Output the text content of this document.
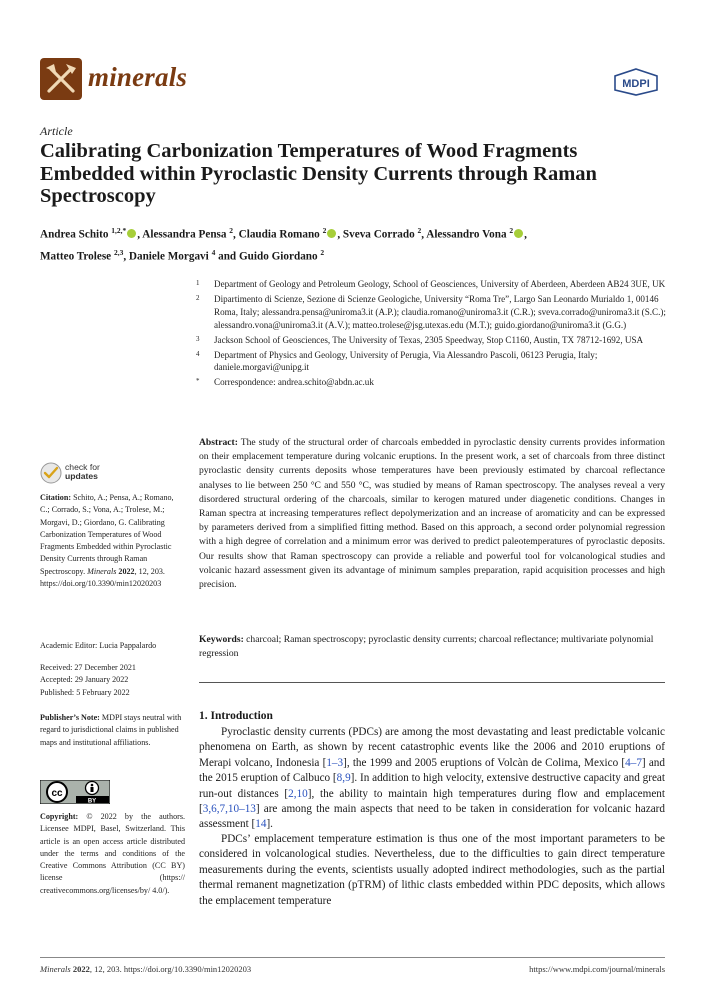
minerals	MDPI
Article
Calibrating Carbonization Temperatures of Wood Fragments Embedded within Pyroclastic Density Currents through Raman Spectroscopy
Andrea Schito $^{1,2,*}$ , Alessandra Pensa $^2$, Claudia Romano $^2$ , Sveva Corrado $^2$, Alessandro Vona $^2$ ,
Matteo Trolese $^{2,3}$, Daniele Morgavi $^4$ and Guido Giordano $^2$
1 Department of Geology and Petroleum Geology, School of Geosciences, University of Aberdeen, Aberdeen AB24 3UE, UK
2 Dipartimento di Scienze, Sezione di Scienze Geologiche, University “Roma Tre”, Largo San Leonardo Murialdo 1, 00146 Roma, Italy; alessandra.pensa@uniroma3.it (A.P.); claudia.romano@uniroma3.it (C.R.); sveva.corrado@uniroma3.it (S.C.); alessandro.vona@uniroma3.it (A.V.); matteo.trolese@jsg.utexas.edu (M.T.); guido.giordano@uniroma3.it (G.G.)
3 Jackson School of Geosciences, The University of Texas, 2305 Speedway, Stop C1160, Austin, TX 78712-1692, USA
4 Department of Physics and Geology, University of Perugia, Via Alessandro Pascoli, 06123 Perugia, Italy; daniele.morgavi@unipg.it
* Correspondence: andrea.schito@abdn.ac.uk
Abstract: The study of the structural order of charcoals embedded in pyroclastic density currents provides information on their emplacement temperature during volcanic eruptions. In the present work, a set of charcoals from three distinct pyroclastic density currents deposits whose temperatures have been previously estimated by charcoal reflectance analyses to lie between 250 °C and 550 °C, was studied by means of Raman spectroscopy. The analyses reveal a very disordered structural ordering of the charcoals, similar to kerogen matured under diagenetic conditions. Changes in Raman spectra at increasing temperatures reflect depolymerization and an increase of aromaticity and can be expressed by parameters derived from a simplified fitting method. Based on this approach, a second order polynomial regression with a high degree of correlation and a minimum error was derived to predict paleotemperatures of pyroclastic deposits. Our results show that Raman spectroscopy can provide a reliable and powerful tool for volcanological studies and volcanic hazard assessment given its advantage of minimum samples preparation, rapid acquisition processes and high precision.
Keywords: charcoal; Raman spectroscopy; pyroclastic density currents; charcoal reflectance; multivariate polynomial regression
check for
updates
Citation: Schito, A.; Pensa, A.; Romano, C.; Corrado, S.; Vona, A.; Trolese, M.; Morgavi, D.; Giordano, G. Calibrating Carbonization Temperatures of Wood Fragments Embedded within Pyroclastic Density Currents through Raman Spectroscopy. Minerals 2022, 12, 203. https://doi.org/10.3390/min12020203
Academic Editor: Lucia Pappalardo
Received: 27 December 2021
Accepted: 29 January 2022
Published: 5 February 2022
Publisher’s Note: MDPI stays neutral with regard to jurisdictional claims in published maps and institutional affiliations.
cc
BY
Copyright: © 2022 by the authors. Licensee MDPI, Basel, Switzerland. This article is an open access article distributed under the terms and conditions of the Creative Commons Attribution (CC BY) license (https:// creativecommons.org/licenses/by/ 4.0/).
1. Introduction
Pyroclastic density currents (PDCs) are among the most devastating and least predictable volcanic phenomena on Earth, as shown by recent catastrophic events like the 2006 and 2010 eruptions of Merapi volcano, Indonesia [1–3], the 1999 and 2005 eruptions of Volcàn de Colima, Mexico [4–7] and the 2015 eruption of Calbuco [8,9]. In addition to high velocity, extensive destructive capacity and great run-out distances [2,10], the ability to maintain high temperatures during flow and emplacement [3,6,7,10–13] are among the main aspects that need to be taken in consideration for volcanic hazard assessment [14].
PDCs’ emplacement temperature estimation is thus one of the most important parameters to be considered in volcanological studies. Nevertheless, due to the difficulties to gain direct temperature measurements during the events, scientists usually adopted indirect methodologies, such as the partial thermal remanent magnetization (pTRM) of lithic clasts embedded within PDC deposits, which allows the emplacement temperature
Minerals 2022, 12, 203. https://doi.org/10.3390/min12020203	https://www.mdpi.com/journal/minerals
